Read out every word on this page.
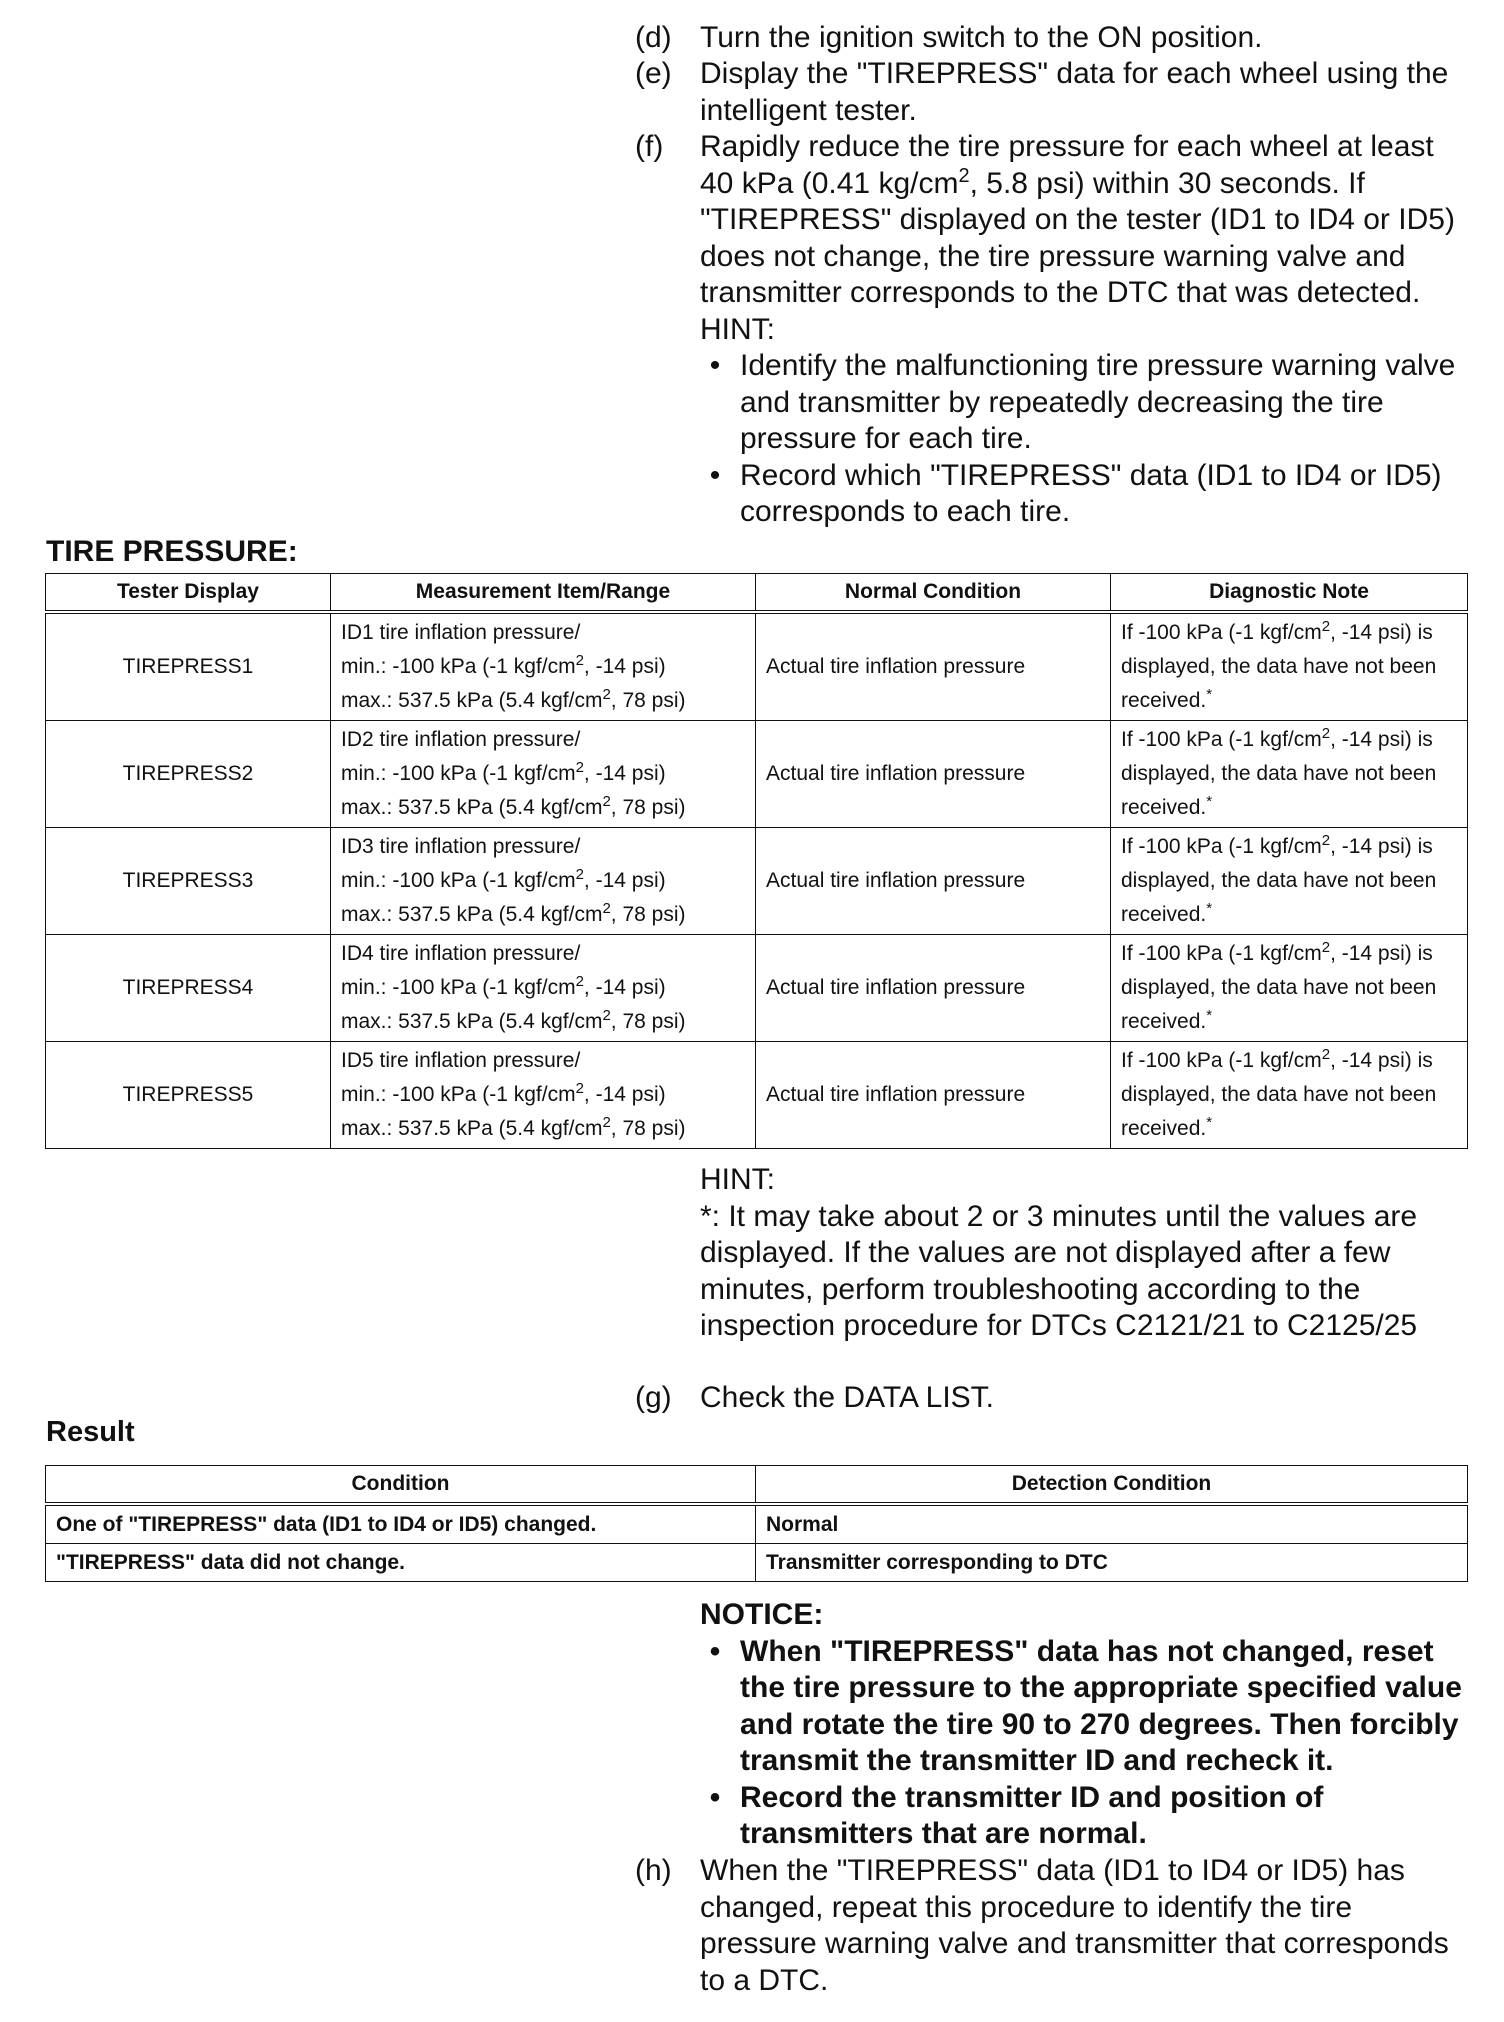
(d) Turn the ignition switch to the ON position.
(e) Display the "TIREPRESS" data for each wheel using the intelligent tester.
(f)	Rapidly reduce the tire pressure for each wheel at least 40 kPa (0.41 $kg/cm^2$, 5.8 psi) within 30 seconds. If "TIREPRESS" displayed on the tester (ID1 to ID4 or ID5) does not change, the tire pressure warning valve and transmitter corresponds to the DTC that was detected.
HINT:
• Identify the malfunctioning tire pressure warning valve and transmitter by repeatedly decreasing the tire pressure for each tire.
• Record which "TIREPRESS" data (ID1 to ID4 or ID5) corresponds to each tire.
TIRE PRESSURE:
Tester Display	Measurement Item/Range	Normal Condition	Diagnostic Note
TIREPRESS1	ID1 tire inflation pressure/
min.: -100 kPa (-1 kgf/$cm^2$, -14 psi)
max.: 537.5 kPa (5.4 kgf/$cm^2$, 78 psi)	Actual tire inflation pressure	If -100 kPa (-1 kgf/$cm^2$, -14 psi) is displayed, the data have not been received.*
TIREPRESS2	ID2 tire inflation pressure/
min.: -100 kPa (-1 kgf/$cm^2$, -14 psi)
max.: 537.5 kPa (5.4 kgf/$cm^2$, 78 psi)	Actual tire inflation pressure	If -100 kPa (-1 kgf/$cm^2$, -14 psi) is displayed, the data have not been received.*
TIREPRESS3	ID3 tire inflation pressure/
min.: -100 kPa (-1 kgf/$cm^2$, -14 psi)
max.: 537.5 kPa (5.4 kgf/$cm^2$, 78 psi)	Actual tire inflation pressure	If -100 kPa (-1 kgf/$cm^2$, -14 psi) is displayed, the data have not been received.*
TIREPRESS4	ID4 tire inflation pressure/
min.: -100 kPa (-1 kgf/$cm^2$, -14 psi)
max.: 537.5 kPa (5.4 kgf/$cm^2$, 78 psi)	Actual tire inflation pressure	If -100 kPa (-1 kgf/$cm^2$, -14 psi) is displayed, the data have not been received.*
TIREPRESS5	ID5 tire inflation pressure/
min.: -100 kPa (-1 kgf/$cm^2$, -14 psi)
max.: 537.5 kPa (5.4 kgf/$cm^2$, 78 psi)	Actual tire inflation pressure	If -100 kPa (-1 kgf/$cm^2$, -14 psi) is displayed, the data have not been received.*
HINT:
*: It may take about 2 or 3 minutes until the values are displayed. If the values are not displayed after a few minutes, perform troubleshooting according to the inspection procedure for DTCs C2121/21 to C2125/25
(g) Check the DATA LIST.
Result
Condition	Detection Condition
One of "TIREPRESS" data (ID1 to ID4 or ID5) changed.	Normal
"TIREPRESS" data did not change.	Transmitter corresponding to DTC
NOTICE:
• When "TIREPRESS" data has not changed, reset the tire pressure to the appropriate specified value and rotate the tire 90 to 270 degrees. Then forcibly transmit the transmitter ID and recheck it.
• Record the transmitter ID and position of transmitters that are normal.
(h) When the "TIREPRESS" data (ID1 to ID4 or ID5) has changed, repeat this procedure to identify the tire pressure warning valve and transmitter that corresponds to a DTC.
